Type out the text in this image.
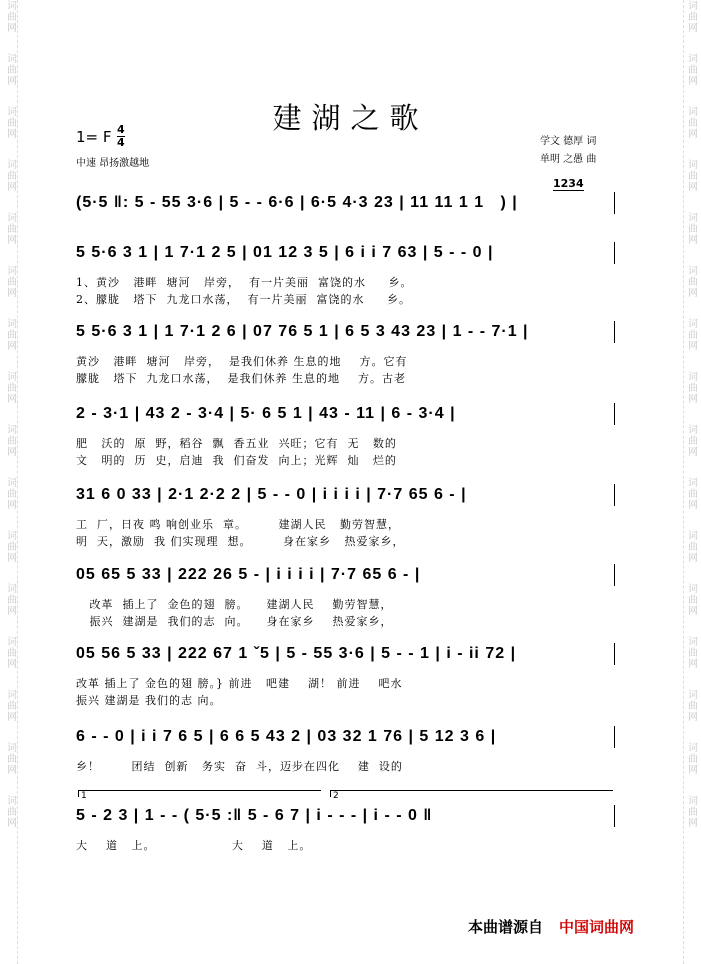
词曲网
词曲网
词曲网
词曲网
词曲网
词曲网
词曲网
词曲网
词曲网
词曲网
词曲网
词曲网
词曲网
词曲网
词曲网
词曲网
词曲网
词曲网
词曲网
词曲网
词曲网
词曲网
词曲网
词曲网
词曲网
词曲网
词曲网
词曲网
词曲网
词曲网
词曲网
词曲网
建湖之歌
1= F 4
4
中速 昂扬激越地
学文 德厚 词
单明 之愚 曲
1234
(5·5 ‖: 5 - 55 3·6 | 5 - - 6·6 | 6·5 4·3 23 | 11 11 1 1   ) |
5 5·6 3 1 | 1 7·1 2 5 | 01 12 3 5 | 6 i i 7 63 | 5 - - 0 |
1、黄沙   港畔  塘河   岸旁，  有一片美丽  富饶的水     乡。
2、朦胧   塔下  九龙口水荡，  有一片美丽  富饶的水     乡。
5 5·6 3 1 | 1 7·1 2 6 | 07 76 5 1 | 6 5 3 43 23 | 1 - - 7·1 |
黄沙   港畔  塘河   岸旁，  是我们休养 生息的地    方。它有
朦胧   塔下  九龙口水荡，  是我们休养 生息的地    方。古老
2 - 3·1 | 43 2 - 3·4 | 5· 6 5 1 | 43 - 11 | 6 - 3·4 |
肥   沃的  原  野，稻谷  飘  香五业  兴旺；它有  无   数的
文   明的  历  史，启迪  我  们奋发  向上；光辉  灿   烂的
31 6 0 33 | 2·1 2·2 2 | 5 - - 0 | i i i i | 7·7 65 6 - |
工  厂，日夜 鸣 响创业乐  章。       建湖人民   勤劳智慧，
明  天，激励  我 们实现理  想。       身在家乡   热爱家乡，
05 65 5 33 | 222 26 5 - | i i i i | 7·7 65 6 - |
改革  插上了  金色的翅  膀。    建湖人民    勤劳智慧，
振兴  建湖是  我们的志  向。    身在家乡    热爱家乡，
05 56 5 33 | 222 67 1 ˇ5 | 5 - 55 3·6 | 5 - - 1 | i - ii 72 |
改革 插上了 金色的翅 膀。} 前进   吧建    湖！ 前进    吧水
振兴 建湖是 我们的志 向。
6 - - 0 | i i 7 6 5 | 6 6 5 43 2 | 03 32 1 76 | 5 12 3 6 |
乡！       团结  创新   务实  奋  斗，迈步在四化    建  设的
5 - 2 3 | 1 - - ( 5·5 :‖ 5 - 6 7 | i - - - | i - - 0 ‖
大    道   上。                 大    道   上。
1	2
本曲谱源自 中国词曲网
